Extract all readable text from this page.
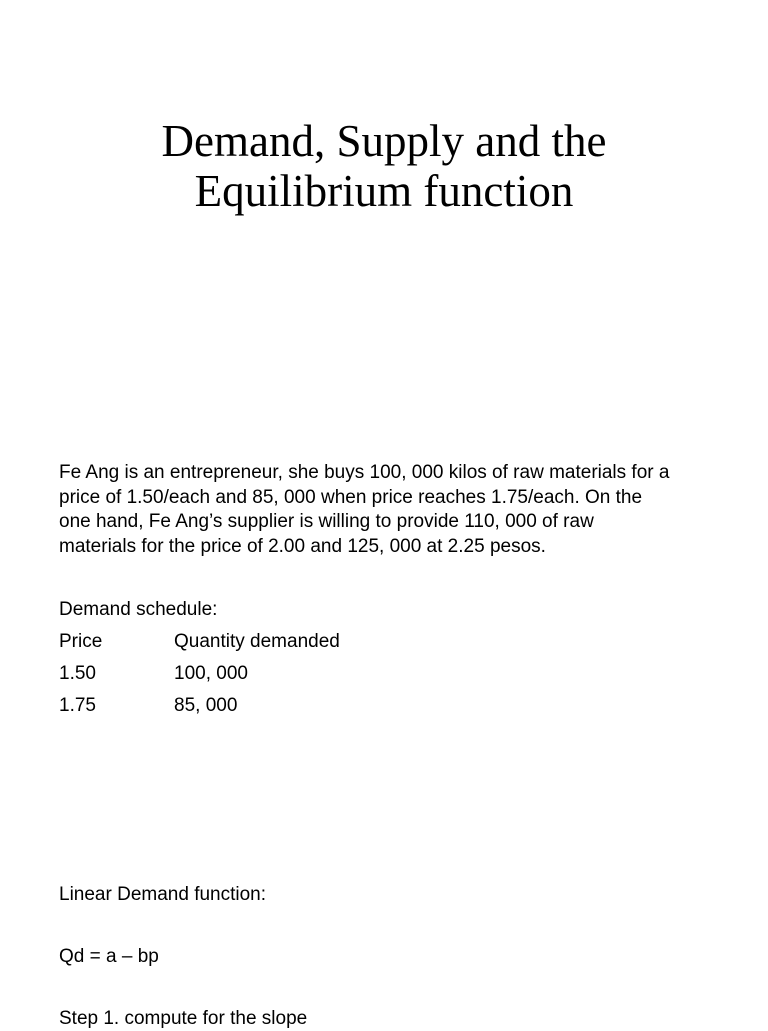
Demand, Supply and the
Equilibrium function

Fe Ang is an entrepreneur, she buys 100, 000 kilos of raw materials for a
price of 1.50/each and 85, 000 when price reaches 1.75/each. On the
one hand, Fe Ang’s supplier is willing to provide 110, 000 of raw
materials for the price of 2.00 and 125, 000 at 2.25 pesos.

Demand schedule:
Price	Quantity demanded
1.50	100, 000
1.75	85, 000
Linear Demand function:
Qd = a – bp
Step 1. compute for the slope
